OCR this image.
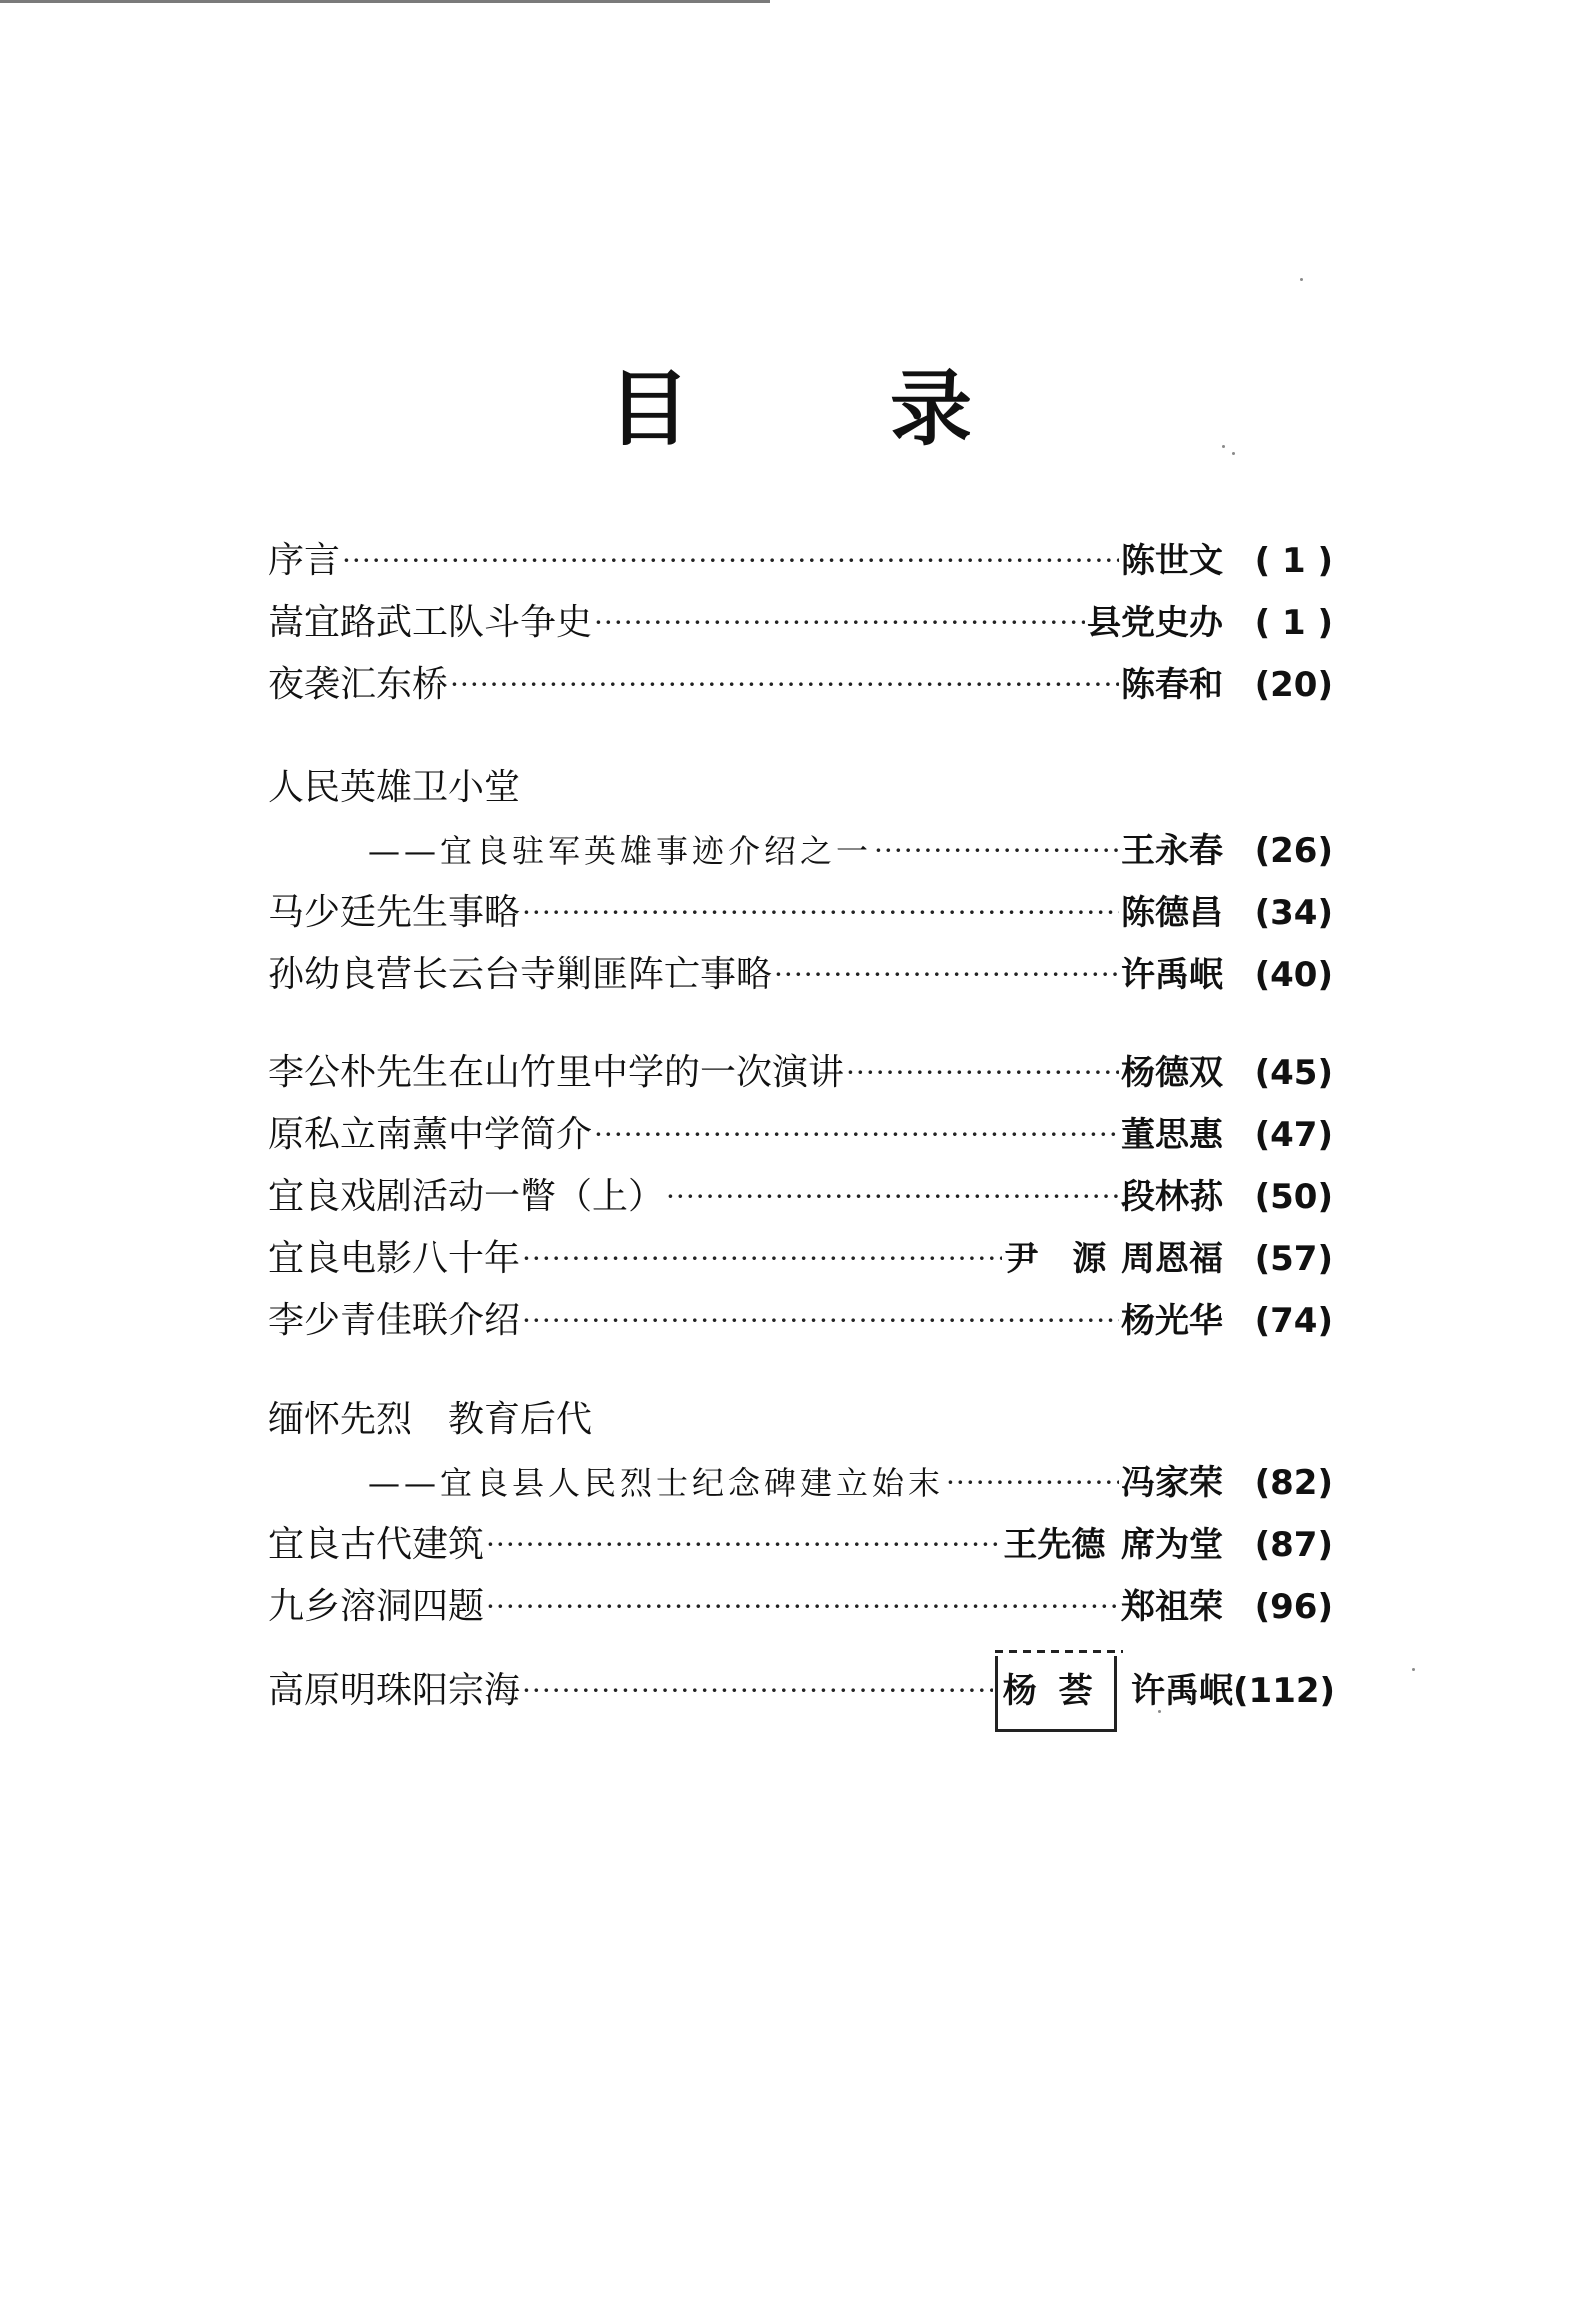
目 录
序言 ·····	陈世文 ( 1 )
嵩宜路武工队斗争史 ·····	县党史办 ( 1 )
夜袭汇东桥 ·····	陈春和 (20)
人民英雄卫小堂
——宜良驻军英雄事迹介绍之一 ·····	王永春 (26)
马少廷先生事略 ·····	陈德昌 (34)
孙幼良营长云台寺剿匪阵亡事略 ·····	许禹岷 (40)
李公朴先生在山竹里中学的一次演讲 ·····	杨德双 (45)
原私立南薰中学简介 ·····	董思惠 (47)
宜良戏剧活动一瞥（上） ·····	段林荪 (50)
宜良电影八十年 ·····	尹　源 周恩福 (57)
李少青佳联介绍 ·····	杨光华 (74)
缅怀先烈　教育后代
——宜良县人民烈士纪念碑建立始末 ·····	冯家荣 (82)
宜良古代建筑 ·····	王先德 席为堂 (87)
九乡溶洞四题 ·····	郑祖荣 (96)
高原明珠阳宗海 ·····	杨荟 许禹岷 (112)
